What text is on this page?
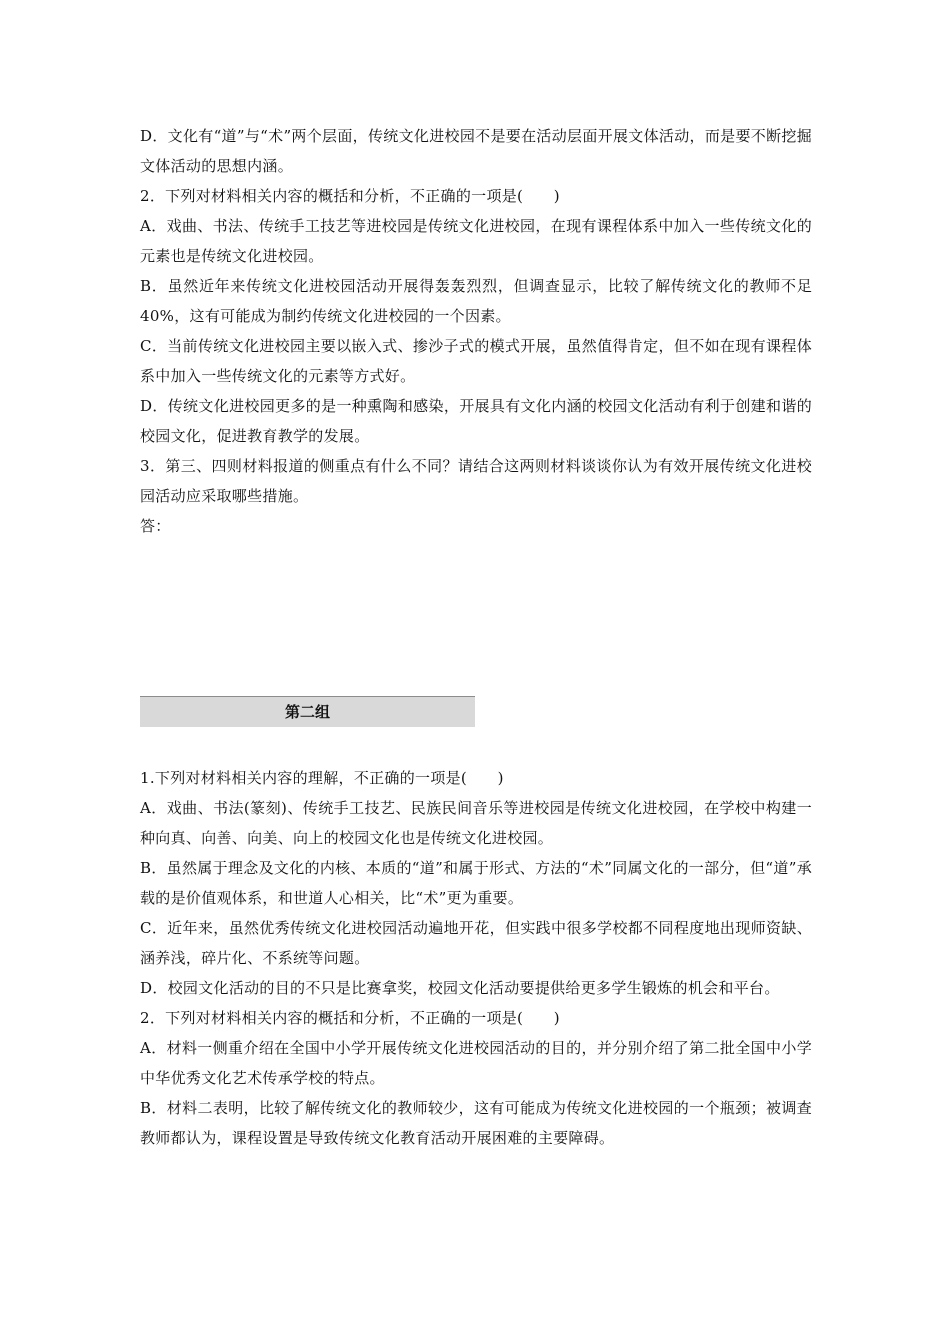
D．文化有“道”与“术”两个层面，传统文化进校园不是要在活动层面开展文体活动，而是要不断挖掘文体活动的思想内涵。

2．下列对材料相关内容的概括和分析，不正确的一项是(　　)

A．戏曲、书法、传统手工技艺等进校园是传统文化进校园，在现有课程体系中加入一些传统文化的元素也是传统文化进校园。

B．虽然近年来传统文化进校园活动开展得轰轰烈烈，但调查显示，比较了解传统文化的教师不足40%，这有可能成为制约传统文化进校园的一个因素。

C．当前传统文化进校园主要以嵌入式、掺沙子式的模式开展，虽然值得肯定，但不如在现有课程体系中加入一些传统文化的元素等方式好。

D．传统文化进校园更多的是一种熏陶和感染，开展具有文化内涵的校园文化活动有利于创建和谐的校园文化，促进教育教学的发展。

3．第三、四则材料报道的侧重点有什么不同？请结合这两则材料谈谈你认为有效开展传统文化进校园活动应采取哪些措施。

答：

第二组

1.下列对材料相关内容的理解，不正确的一项是(　　)

A．戏曲、书法(篆刻)、传统手工技艺、民族民间音乐等进校园是传统文化进校园，在学校中构建一种向真、向善、向美、向上的校园文化也是传统文化进校园。

B．虽然属于理念及文化的内核、本质的“道”和属于形式、方法的“术”同属文化的一部分，但“道”承载的是价值观体系，和世道人心相关，比“术”更为重要。

C．近年来，虽然优秀传统文化进校园活动遍地开花，但实践中很多学校都不同程度地出现师资缺、涵养浅，碎片化、不系统等问题。

D．校园文化活动的目的不只是比赛拿奖，校园文化活动要提供给更多学生锻炼的机会和平台。

2．下列对材料相关内容的概括和分析，不正确的一项是(　　)

A．材料一侧重介绍在全国中小学开展传统文化进校园活动的目的，并分别介绍了第二批全国中小学中华优秀文化艺术传承学校的特点。

B．材料二表明，比较了解传统文化的教师较少，这有可能成为传统文化进校园的一个瓶颈；被调查教师都认为，课程设置是导致传统文化教育活动开展困难的主要障碍。
